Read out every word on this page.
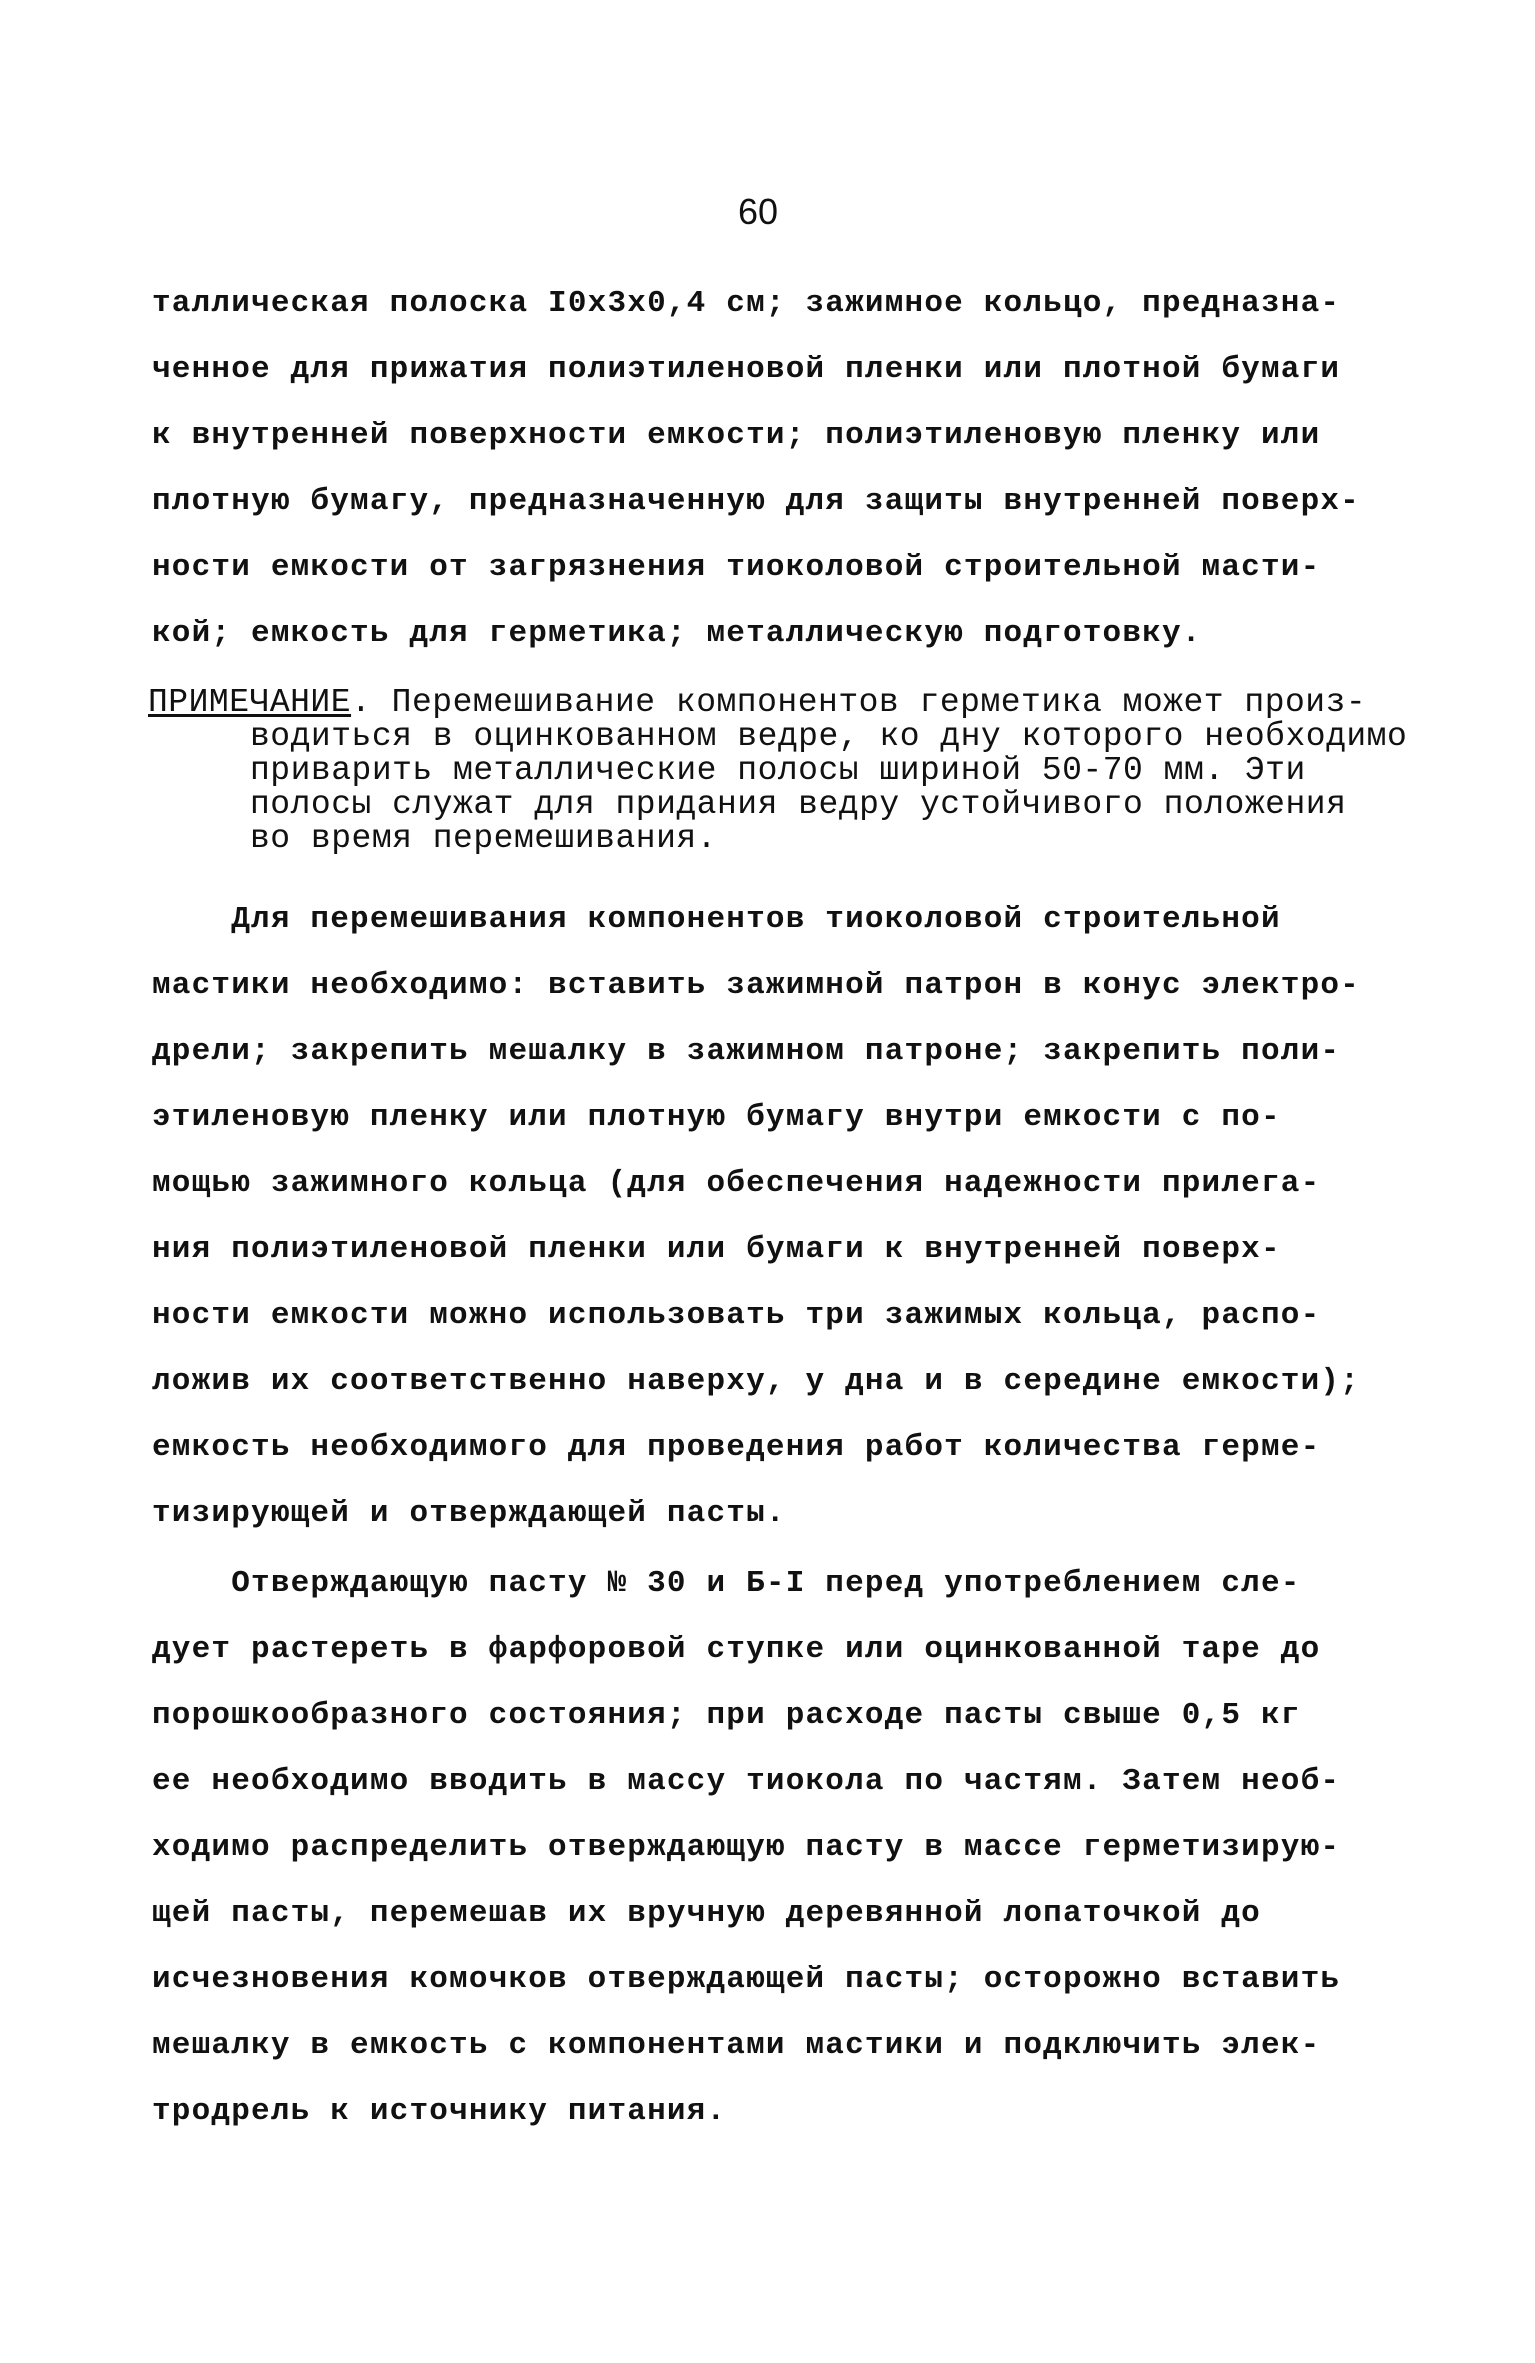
60
таллическая полоска I0х3х0,4 см; зажимное кольцо, предназна-
ченное для прижатия полиэтиленовой пленки или плотной бумаги
к внутренней поверхности емкости; полиэтиленовую пленку или
плотную бумагу, предназначенную для защиты внутренней поверх-
ности емкости от загрязнения тиоколовой строительной масти-
кой; емкость для герметика; металлическую подготовку.
ПРИМЕЧАНИЕ. Перемешивание компонентов герметика может произ-
водиться в оцинкованном ведре, ко дну которого необходимо
приварить металлические полосы шириной 50-70 мм. Эти
полосы служат для придания ведру устойчивого положения
во время перемешивания.
Для перемешивания компонентов тиоколовой строительной
мастики необходимо: вставить зажимной патрон в конус электро-
дрели; закрепить мешалку в зажимном патроне; закрепить поли-
этиленовую пленку или плотную бумагу внутри емкости с по-
мощью зажимного кольца (для обеспечения надежности прилега-
ния полиэтиленовой пленки или бумаги к внутренней поверх-
ности емкости можно использовать три зажимых кольца, распо-
ложив их соответственно наверху, у дна и в середине емкости);
емкость необходимого для проведения работ количества герме-
тизирующей и отверждающей пасты.
Отверждающую пасту № 30 и Б-I перед употреблением сле-
дует растереть в фарфоровой ступке или оцинкованной таре до
порошкообразного состояния; при расходе пасты свыше 0,5 кг
ее необходимо вводить в массу тиокола по частям. Затем необ-
ходимо распределить отверждающую пасту в массе герметизирую-
щей пасты, перемешав их вручную деревянной лопаточкой до
исчезновения комочков отверждающей пасты; осторожно вставить
мешалку в емкость с компонентами мастики и подключить элек-
тродрель к источнику питания.
